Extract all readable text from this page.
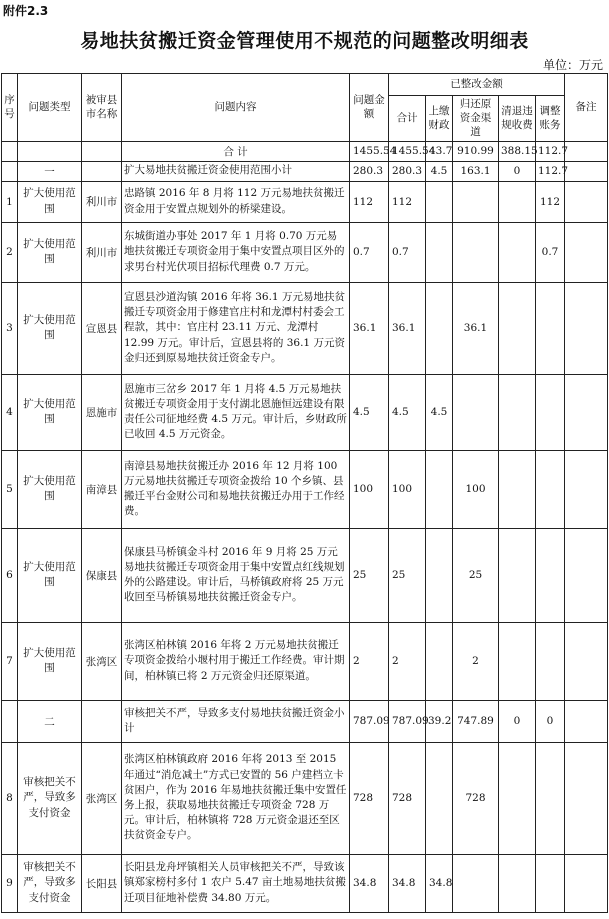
附件2.3
易地扶贫搬迁资金管理使用不规范的问题整改明细表
单位：万元
序号	问题类型	被审县市名称	问题内容	问题金额	已整改金额					备注
					合计	上缴财政	归还原资金渠道	清退违规收费	调整账务	
			合 计	1455.54	1455.54	43.7	910.99	388.15	112.7	
	一		扩大易地扶贫搬迁资金使用范围小计	280.3	280.3	4.5	163.1	0	112.7	
1	扩大使用范围	利川市	忠路镇 2016 年 8 月将 112 万元易地扶贫搬迁资金用于安置点规划外的桥梁建设。	112	112				112	
2	扩大使用范围	利川市	东城街道办事处 2017 年 1 月将 0.70 万元易地扶贫搬迁专项资金用于集中安置点项目区外的求男台村光伏项目招标代理费 0.7 万元。	0.7	0.7				0.7	
3	扩大使用范围	宣恩县	宣恩县沙道沟镇 2016 年将 36.1 万元易地扶贫搬迁专项资金用于修建官庄村和龙潭村村委会工程款，其中：官庄村 23.11 万元、龙潭村 12.99 万元。审计后，宣恩县将的 36.1 万元资金归还到原易地扶贫迁资金专户。	36.1	36.1		36.1			
4	扩大使用范围	恩施市	恩施市三岔乡 2017 年 1 月将 4.5 万元易地扶贫搬迁专项资金用于支付湖北恩施恒远建设有限责任公司征地经费 4.5 万元。审计后，乡财政所已收回 4.5 万元资金。	4.5	4.5	4.5				
5	扩大使用范围	南漳县	南漳县易地扶贫搬迁办 2016 年 12 月将 100 万元易地扶贫搬迁专项资金拨给 10 个乡镇、县搬迁平台金财公司和易地扶贫搬迁办用于工作经费。	100	100		100			
6	扩大使用范围	保康县	保康县马桥镇金斗村 2016 年 9 月将 25 万元易地扶贫搬迁专项资金用于集中安置点红线规划外的公路建设。审计后，马桥镇政府将 25 万元收回至马桥镇易地扶贫搬迁资金专户。	25	25		25			
7	扩大使用范围	张湾区	张湾区柏林镇 2016 年将 2 万元易地扶贫搬迁专项资金拨给小堰村用于搬迁工作经费。审计期间，柏林镇已将 2 万元资金归还原渠道。	2	2		2			
	二		审核把关不严，导致多支付易地扶贫搬迁资金小计	787.09	787.09	39.2	747.89	0	0	
8	审核把关不严，导致多支付资金	张湾区	张湾区柏林镇政府 2016 年将 2013 至 2015 年通过“消危减土”方式已安置的 56 户建档立卡贫困户，作为 2016 年易地扶贫搬迁集中安置任务上报，获取易地扶贫搬迁专项资金 728 万元。审计后，柏林镇将 728 万元资金退还至区扶贫资金专户。	728	728		728			
9	审核把关不严，导致多支付资金	长阳县	长阳县龙舟坪镇相关人员审核把关不严，导致该镇郑家榜村多付 1 农户 5.47 亩土地易地扶贫搬迁项目征地补偿费 34.80 万元。	34.8	34.8	34.8				
